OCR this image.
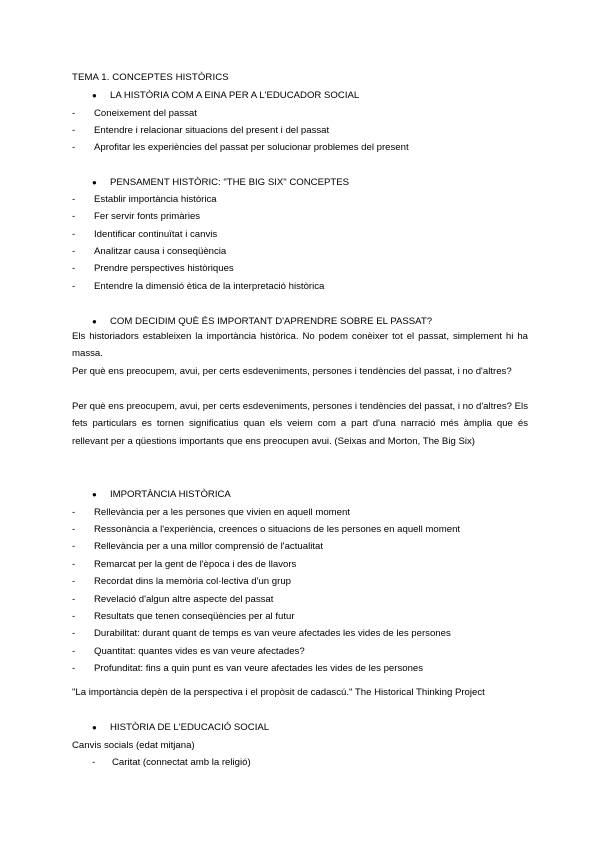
TEMA 1. CONCEPTES HISTÒRICS
● LA HISTÒRIA COM A EINA PER A L'EDUCADOR SOCIAL
- Coneixement del passat
- Entendre i relacionar situacions del present i del passat
- Aprofitar les experiències del passat per solucionar problemes del present
● PENSAMENT HISTÒRIC: "THE BIG SIX" CONCEPTES
- Establir importància històrica
- Fer servir fonts primàries
- Identificar continuïtat i canvis
- Analitzar causa i conseqüència
- Prendre perspectives històriques
- Entendre la dimensió ètica de la interpretació històrica
● COM DECIDIM QUÈ ÉS IMPORTANT D'APRENDRE SOBRE EL PASSAT?
Els historiadors estableixen la importància històrica. No podem conèixer tot el passat, simplement hi ha massa.
Per què ens preocupem, avui, per certs esdeveniments, persones i tendències del passat, i no d'altres?
Per què ens preocupem, avui, per certs esdeveniments, persones i tendències del passat, i no d'altres? Els fets particulars es tornen significatius quan els veiem com a part d'una narració més àmplia que és rellevant per a qüestions importants que ens preocupen avui. (Seixas and Morton, The Big Six)
● IMPORTÀNCIA HISTÒRICA
- Rellevància per a les persones que vivien en aquell moment
- Ressonància a l'experiència, creences o situacions de les persones en aquell moment
- Rellevància per a una millor comprensió de l'actualitat
- Remarcat per la gent de l'època i des de llavors
- Recordat dins la memòria col·lectiva d'un grup
- Revelació d'algun altre aspecte del passat
- Resultats que tenen conseqüències per al futur
- Durabilitat: durant quant de temps es van veure afectades les vides de les persones
- Quantitat: quantes vides es van veure afectades?
- Profunditat: fins a quin punt es van veure afectades les vides de les persones
"La importància depèn de la perspectiva i el propòsit de cadascú." The Historical Thinking Project
● HISTÒRIA DE L'EDUCACIÓ SOCIAL
Canvis socials (edat mitjana)
- Caritat (connectat amb la religió)
